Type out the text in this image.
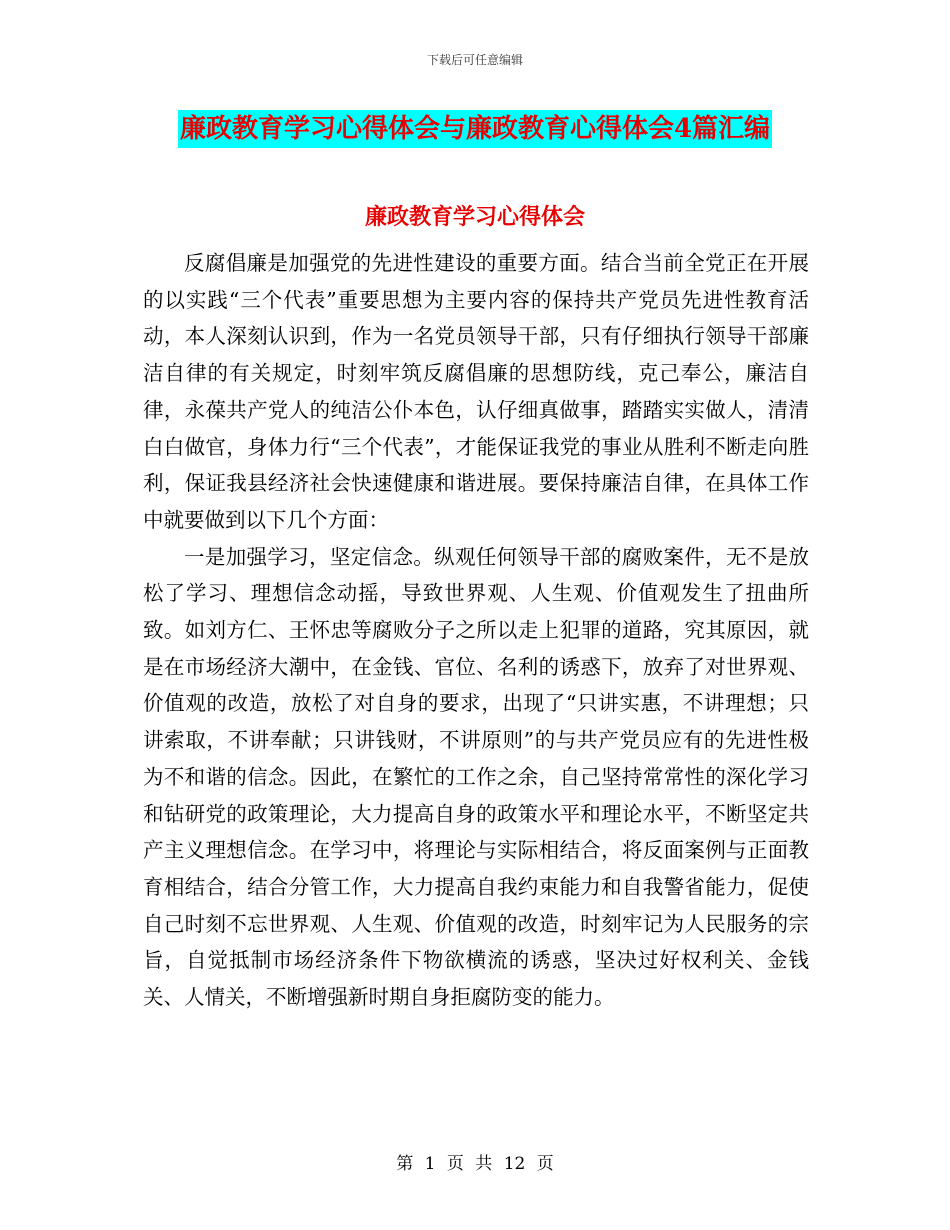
下载后可任意编辑
廉政教育学习心得体会与廉政教育心得体会4篇汇编
廉政教育学习心得体会

反腐倡廉是加强党的先进性建设的重要方面。结合当前全党正在开展的以实践“三个代表”重要思想为主要内容的保持共产党员先进性教育活动，本人深刻认识到，作为一名党员领导干部，只有仔细执行领导干部廉洁自律的有关规定，时刻牢筑反腐倡廉的思想防线，克己奉公，廉洁自律，永葆共产党人的纯洁公仆本色，认仔细真做事，踏踏实实做人，清清白白做官，身体力行“三个代表”，才能保证我党的事业从胜利不断走向胜利，保证我县经济社会快速健康和谐进展。要保持廉洁自律，在具体工作中就要做到以下几个方面：

一是加强学习，坚定信念。纵观任何领导干部的腐败案件，无不是放松了学习、理想信念动摇，导致世界观、人生观、价值观发生了扭曲所致。如刘方仁、王怀忠等腐败分子之所以走上犯罪的道路，究其原因，就是在市场经济大潮中，在金钱、官位、名利的诱惑下，放弃了对世界观、价值观的改造，放松了对自身的要求，出现了“只讲实惠，不讲理想；只讲索取，不讲奉献；只讲钱财，不讲原则”的与共产党员应有的先进性极为不和谐的信念。因此，在繁忙的工作之余，自己坚持常常性的深化学习和钻研党的政策理论，大力提高自身的政策水平和理论水平，不断坚定共产主义理想信念。在学习中，将理论与实际相结合，将反面案例与正面教育相结合，结合分管工作，大力提高自我约束能力和自我警省能力，促使自己时刻不忘世界观、人生观、价值观的改造，时刻牢记为人民服务的宗旨，自觉抵制市场经济条件下物欲横流的诱惑，坚决过好权利关、金钱关、人情关，不断增强新时期自身拒腐防变的能力。

第 1 页 共 12 页
